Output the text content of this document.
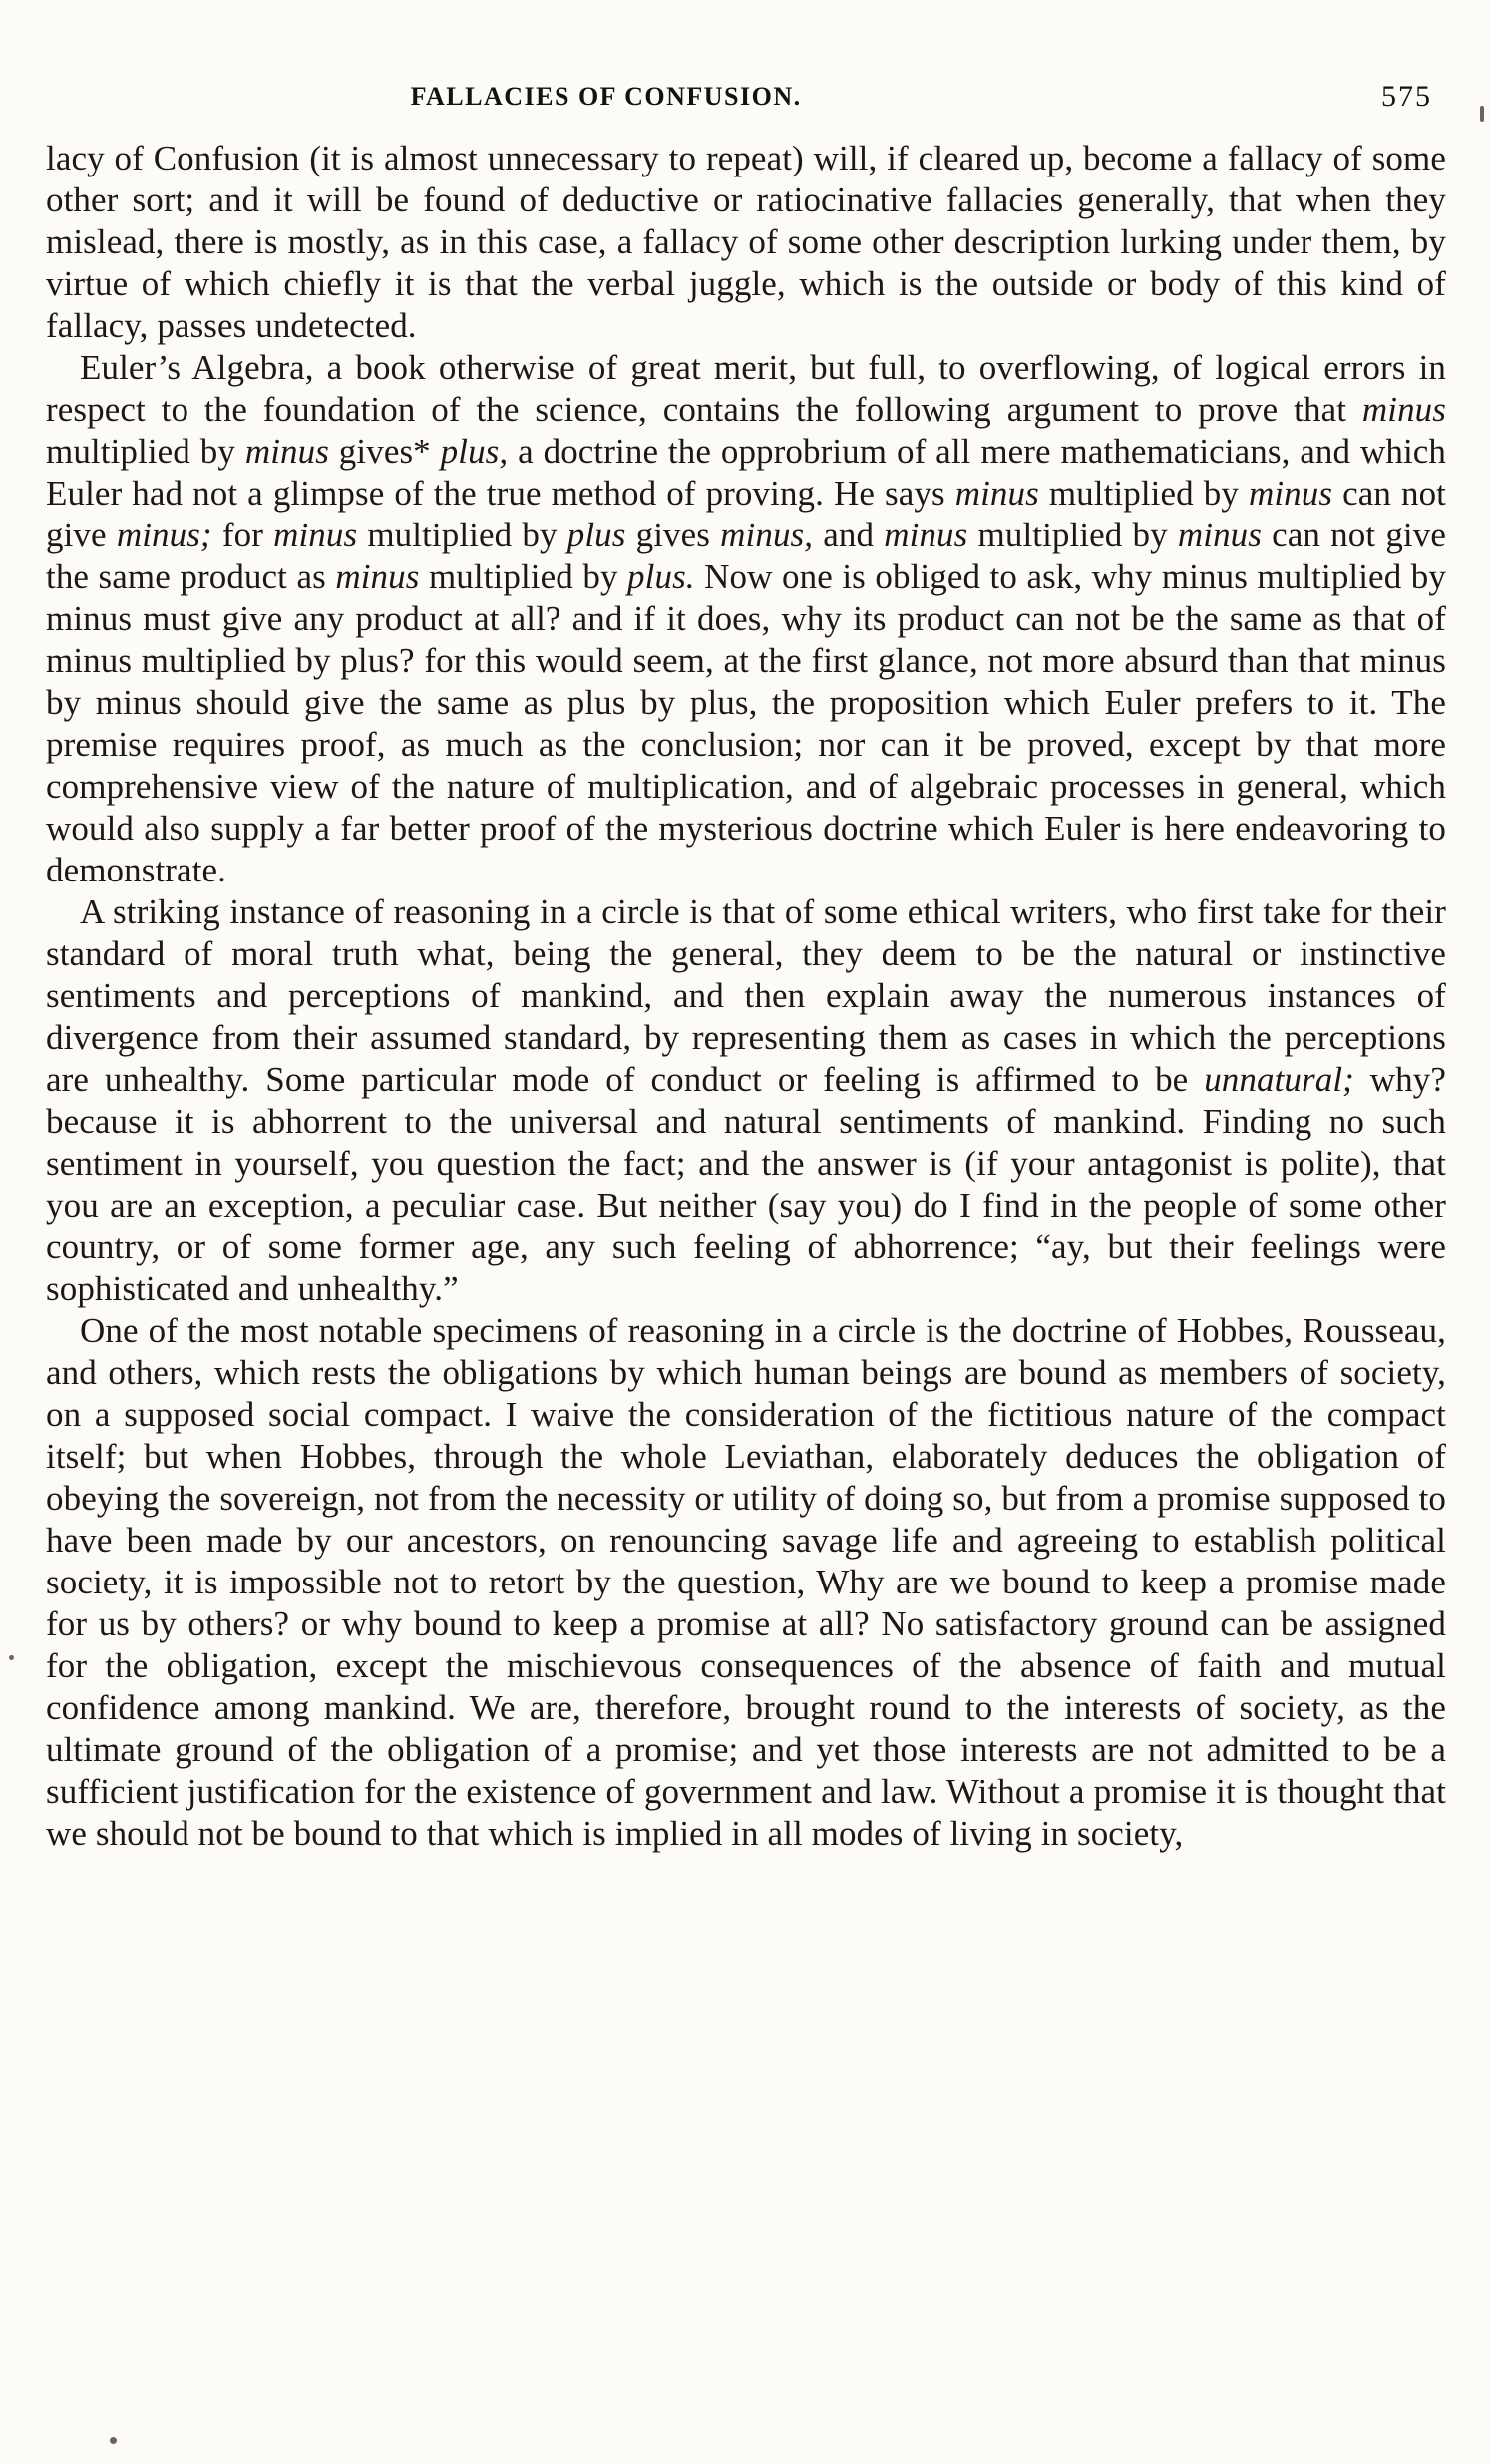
FALLACIES OF CONFUSION.	575

lacy of Confusion (it is almost unnecessary to repeat) will, if cleared up, become a fallacy of some other sort; and it will be found of deductive or ratiocinative fallacies generally, that when they mislead, there is mostly, as in this case, a fallacy of some other description lurking under them, by virtue of which chiefly it is that the verbal juggle, which is the outside or body of this kind of fallacy, passes undetected.

Euler’s Algebra, a book otherwise of great merit, but full, to overflowing, of logical errors in respect to the foundation of the science, contains the following argument to prove that minus multiplied by minus gives* plus, a doctrine the opprobrium of all mere mathematicians, and which Euler had not a glimpse of the true method of proving. He says minus multiplied by minus can not give minus; for minus multiplied by plus gives minus, and minus multiplied by minus can not give the same product as minus multiplied by plus. Now one is obliged to ask, why minus multiplied by minus must give any product at all? and if it does, why its product can not be the same as that of minus multiplied by plus? for this would seem, at the first glance, not more absurd than that minus by minus should give the same as plus by plus, the proposition which Euler prefers to it. The premise requires proof, as much as the conclusion; nor can it be proved, except by that more comprehensive view of the nature of multiplication, and of algebraic processes in general, which would also supply a far better proof of the mysterious doctrine which Euler is here endeavoring to demonstrate.

A striking instance of reasoning in a circle is that of some ethical writers, who first take for their standard of moral truth what, being the general, they deem to be the natural or instinctive sentiments and perceptions of mankind, and then explain away the numerous instances of divergence from their assumed standard, by representing them as cases in which the perceptions are unhealthy. Some particular mode of conduct or feeling is affirmed to be unnatural; why? because it is abhorrent to the universal and natural sentiments of mankind. Finding no such sentiment in yourself, you question the fact; and the answer is (if your antagonist is polite), that you are an exception, a peculiar case. But neither (say you) do I find in the people of some other country, or of some former age, any such feeling of abhorrence; “ay, but their feelings were sophisticated and unhealthy.”

One of the most notable specimens of reasoning in a circle is the doctrine of Hobbes, Rousseau, and others, which rests the obligations by which human beings are bound as members of society, on a supposed social compact. I waive the consideration of the fictitious nature of the compact itself; but when Hobbes, through the whole Leviathan, elaborately deduces the obligation of obeying the sovereign, not from the necessity or utility of doing so, but from a promise supposed to have been made by our ancestors, on renouncing savage life and agreeing to establish political society, it is impossible not to retort by the question, Why are we bound to keep a promise made for us by others? or why bound to keep a promise at all? No satisfactory ground can be assigned for the obligation, except the mischievous consequences of the absence of faith and mutual confidence among mankind. We are, therefore, brought round to the interests of society, as the ultimate ground of the obligation of a promise; and yet those interests are not admitted to be a sufficient justification for the existence of government and law. Without a promise it is thought that we should not be bound to that which is implied in all modes of living in society,
